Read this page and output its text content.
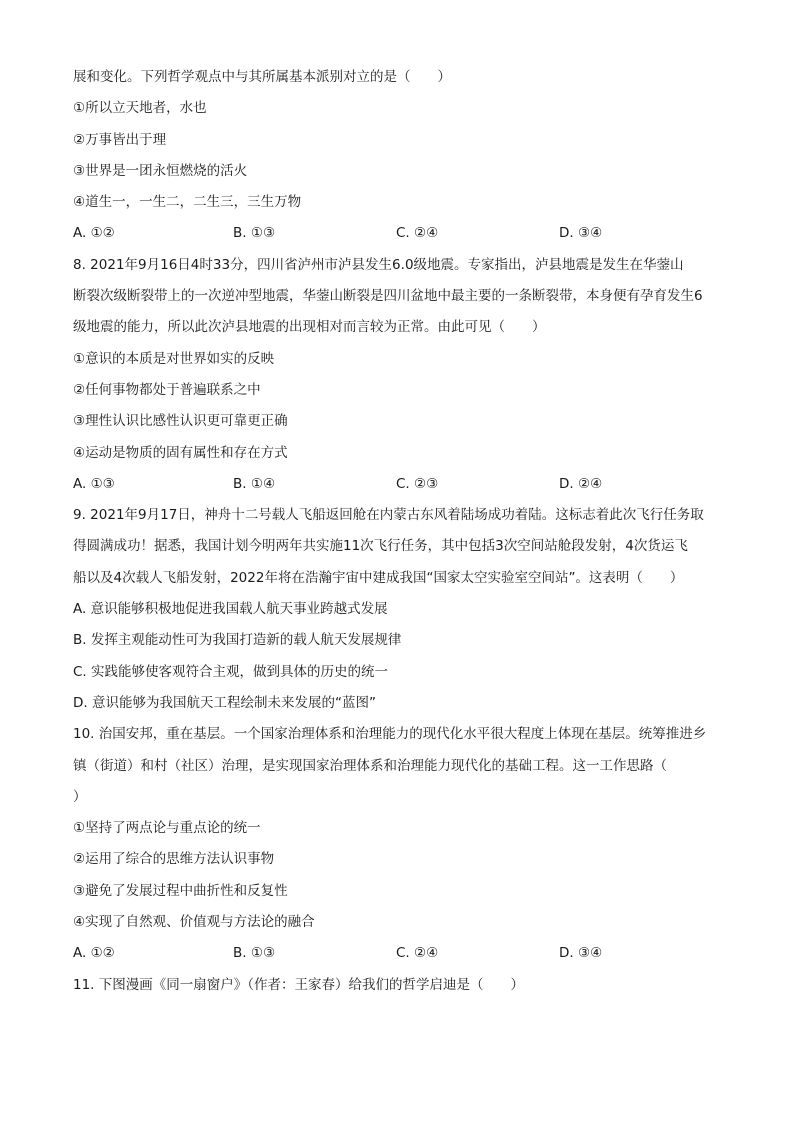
展和变化。下列哲学观点中与其所属基本派别对立的是（　　）
①所以立天地者，水也
②万事皆出于理
③世界是一团永恒燃烧的活火
④道生一，一生二，二生三，三生万物
A. ①②	B. ①③	C. ②④	D. ③④
8. 2021年9月16日4时33分，四川省泸州市泸县发生6.0级地震。专家指出，泸县地震是发生在华蓥山
断裂次级断裂带上的一次逆冲型地震，华蓥山断裂是四川盆地中最主要的一条断裂带，本身便有孕育发生6
级地震的能力，所以此次泸县地震的出现相对而言较为正常。由此可见（　　）
①意识的本质是对世界如实的反映
②任何事物都处于普遍联系之中
③理性认识比感性认识更可靠更正确
④运动是物质的固有属性和存在方式
A. ①③	B. ①④	C. ②③	D. ②④
9. 2021年9月17日，神舟十二号载人飞船返回舱在内蒙古东风着陆场成功着陆。这标志着此次飞行任务取
得圆满成功！据悉，我国计划今明两年共实施11次飞行任务，其中包括3次空间站舱段发射，4次货运飞
船以及4次载人飞船发射，2022年将在浩瀚宇宙中建成我国“国家太空实验室空间站”。这表明（　　）
A. 意识能够积极地促进我国载人航天事业跨越式发展
B. 发挥主观能动性可为我国打造新的载人航天发展规律
C. 实践能够使客观符合主观，做到具体的历史的统一
D. 意识能够为我国航天工程绘制未来发展的“蓝图”
10. 治国安邦，重在基层。一个国家治理体系和治理能力的现代化水平很大程度上体现在基层。统筹推进乡
镇（街道）和村（社区）治理，是实现国家治理体系和治理能力现代化的基础工程。这一工作思路（
）
①坚持了两点论与重点论的统一
②运用了综合的思维方法认识事物
③避免了发展过程中曲折性和反复性
④实现了自然观、价值观与方法论的融合
A. ①②	B. ①③	C. ②④	D. ③④
11. 下图漫画《同一扇窗户》（作者：王家春）给我们的哲学启迪是（　　）
